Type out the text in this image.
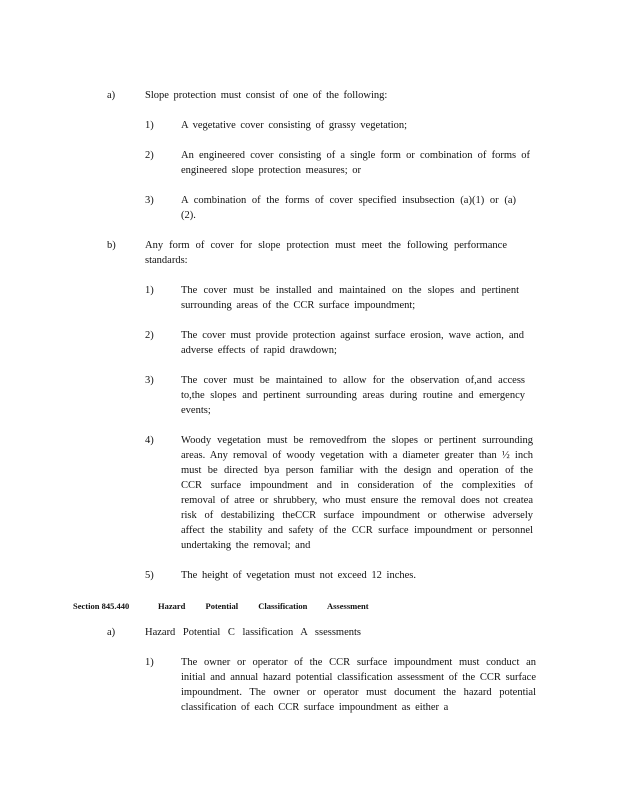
a)	Slope protection must consist of one of the following:
1)	A vegetative cover consisting of grassy vegetation;
2)	An engineered cover consisting of a single form or combination of forms of engineered slope protection measures; or
3)	A combination of the forms of cover specified insubsection (a)(1) or (a)(2).
b)	Any form of cover for slope protection must meet the following performance standards:
1)	The cover must be installed and maintained on the slopes and pertinent surrounding areas of the CCR surface impoundment;
2)	The cover must provide protection against surface erosion, wave action, and adverse effects of rapid drawdown;
3)	The cover must be maintained to allow for the observation of,and access to,the slopes and pertinent surrounding areas during routine and emergency events;
4)	Woody vegetation must be removedfrom the slopes or pertinent surrounding areas. Any removal of woody vegetation with a diameter greater than ½ inch must be directed bya person familiar with the design and operation of the CCR surface impoundment and in consideration of the complexities of removal of atree or shrubbery, who must ensure the removal does not createa risk of destabilizing theCCR surface impoundment or otherwise adversely affect the stability and safety of the CCR surface impoundment or personnel undertaking the removal; and
5)	The height of vegetation must not exceed 12 inches.
Section 845.440	Hazard Potential Classification Assessment
a)	Hazard Potential C lassification A ssessments
1)	The owner or operator of the CCR surface impoundment must conduct an initial and annual hazard potential classification assessment of the CCR surface impoundment. The owner or operator must document the hazard potential classification of each CCR surface impoundment as either a
